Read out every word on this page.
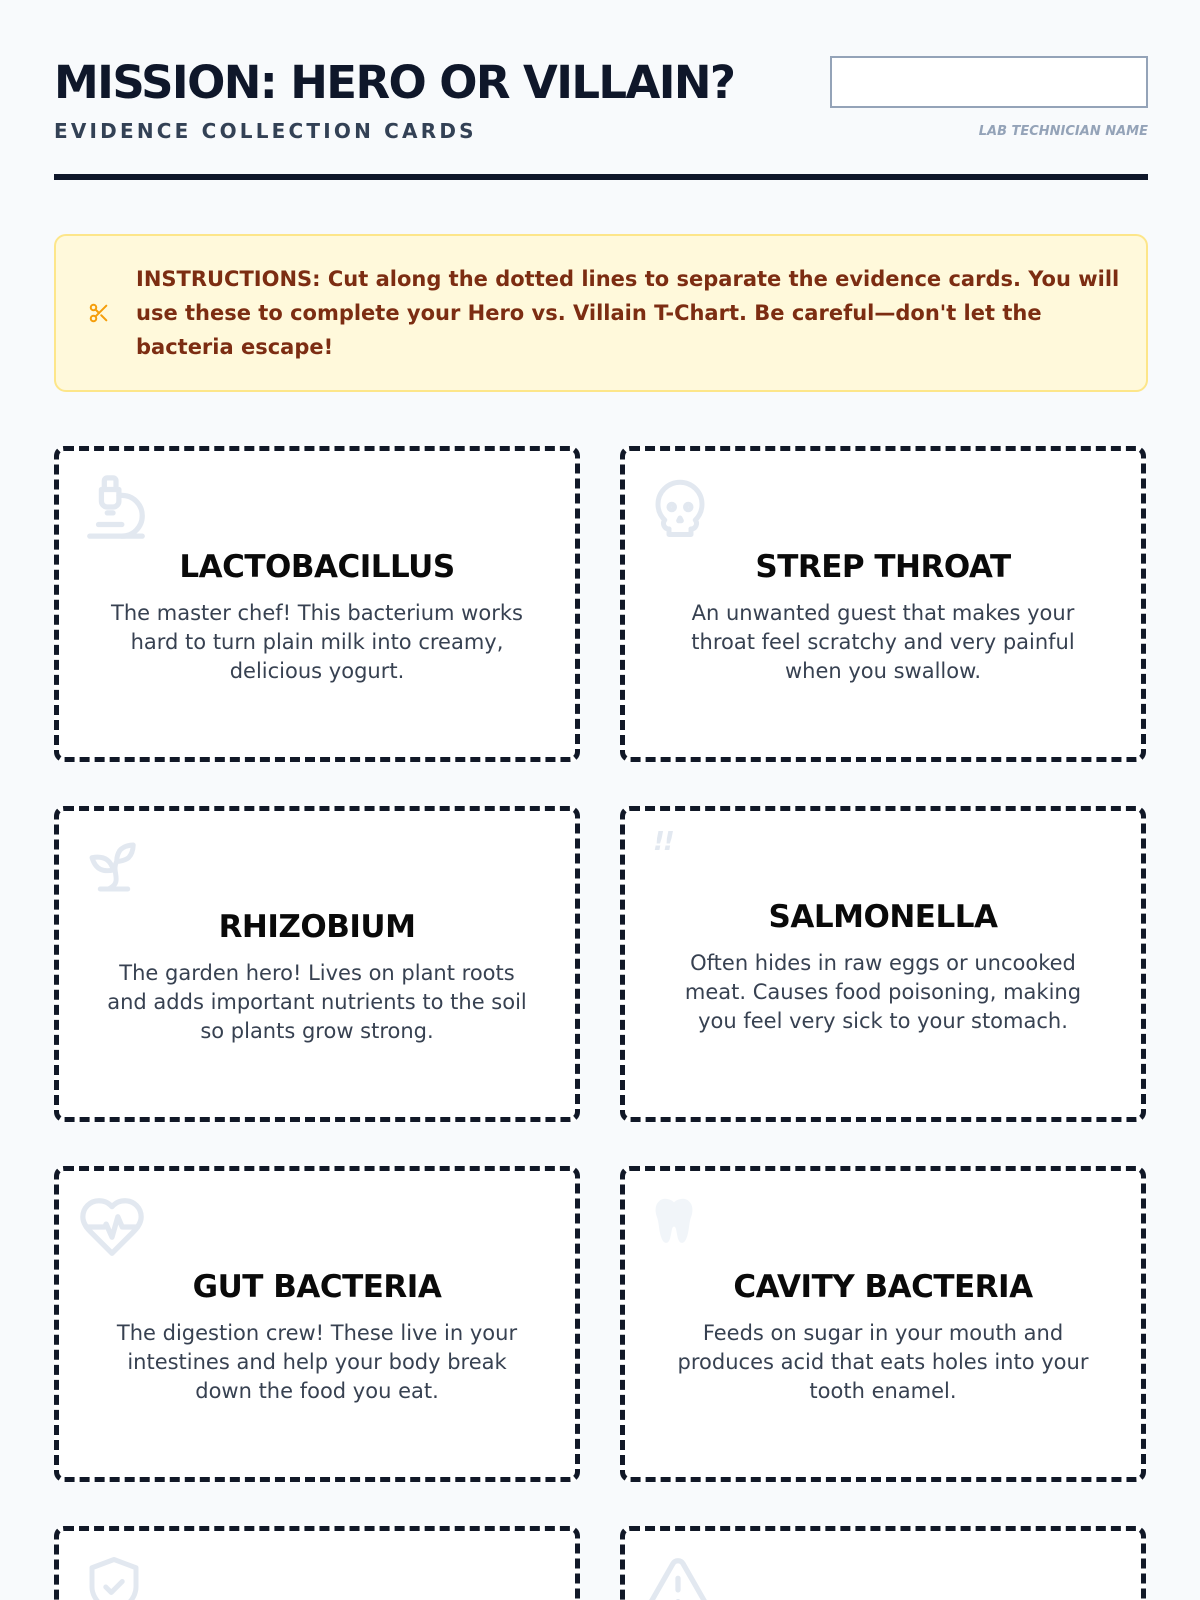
MISSION: HERO OR VILLAIN?
EVIDENCE COLLECTION CARDS	LAB TECHNICIAN NAME
INSTRUCTIONS: Cut along the dotted lines to separate the evidence cards. You will use these to complete your Hero vs. Villain T-Chart. Be careful—don't let the bacteria escape!
LACTOBACILLUS
The master chef! This bacterium works hard to turn plain milk into creamy, delicious yogurt.
STREP THROAT
An unwanted guest that makes your throat feel scratchy and very painful when you swallow.
RHIZOBIUM
The garden hero! Lives on plant roots and adds important nutrients to the soil so plants grow strong.
!!
SALMONELLA
Often hides in raw eggs or uncooked meat. Causes food poisoning, making you feel very sick to your stomach.
GUT BACTERIA
The digestion crew! These live in your intestines and help your body break down the food you eat.
CAVITY BACTERIA
Feeds on sugar in your mouth and produces acid that eats holes into your tooth enamel.
